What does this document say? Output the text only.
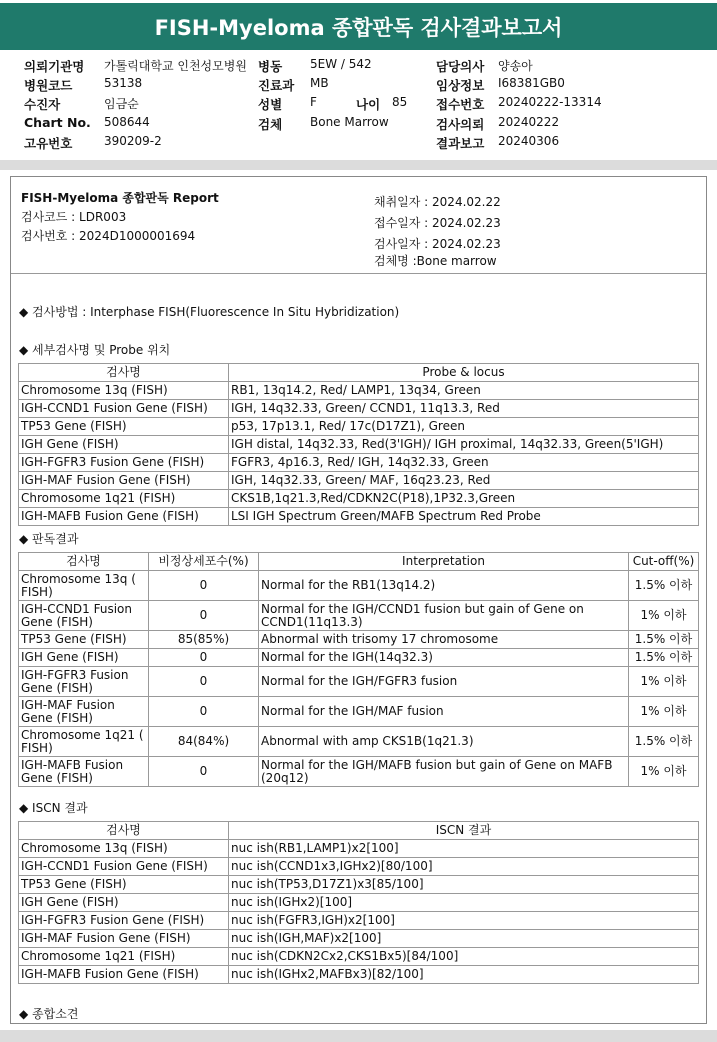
FISH-Myeloma 종합판독 검사결과보고서
의뢰기관명 가톨릭대학교 인천성모병원
병원코드	53138
수진자	임금순
Chart No. 508644
고유번호	390209-2
병동 5EW / 542
진료과 MB
성별 F	나이 85
검체 Bone Marrow
담당의사 양송아
임상정보 I68381GB0
접수번호 20240222-13314
검사의뢰 20240222
결과보고 20240306
FISH-Myeloma 종합판독 Report
검사코드 : LDR003
검사번호 : 2024D1000001694
채취일자 : 2024.02.22
접수일자 : 2024.02.23
검사일자 : 2024.02.23
검체명 :Bone marrow
◆ 검사방법 : Interphase FISH(Fluorescence In Situ Hybridization)
◆ 세부검사명 및 Probe 위치
검사명	Probe & locus
Chromosome 13q (FISH)	RB1, 13q14.2, Red/ LAMP1, 13q34, Green
IGH-CCND1 Fusion Gene (FISH)	IGH, 14q32.33, Green/ CCND1, 11q13.3, Red
TP53 Gene (FISH)	p53, 17p13.1, Red/ 17c(D17Z1), Green
IGH Gene (FISH)	IGH distal, 14q32.33, Red(3'IGH)/ IGH proximal, 14q32.33, Green(5'IGH)
IGH-FGFR3 Fusion Gene (FISH)	FGFR3, 4p16.3, Red/ IGH, 14q32.33, Green
IGH-MAF Fusion Gene (FISH)	IGH, 14q32.33, Green/ MAF, 16q23.23, Red
Chromosome 1q21 (FISH)	CKS1B,1q21.3,Red/CDKN2C(P18),1P32.3,Green
IGH-MAFB Fusion Gene (FISH)	LSI IGH Spectrum Green/MAFB Spectrum Red Probe
◆ 판독결과
검사명	비정상세포수(%)	Interpretation	Cut-off(%)
Chromosome 13q ( FISH)	0	Normal for the RB1(13q14.2)	1.5% 이하
IGH-CCND1 Fusion Gene (FISH)	0	Normal for the IGH/CCND1 fusion but gain of Gene on CCND1(11q13.3)	1% 이하
TP53 Gene (FISH)	85(85%)	Abnormal with trisomy 17 chromosome	1.5% 이하
IGH Gene (FISH)	0	Normal for the IGH(14q32.3)	1.5% 이하
IGH-FGFR3 Fusion Gene (FISH)	0	Normal for the IGH/FGFR3 fusion	1% 이하
IGH-MAF Fusion Gene (FISH)	0	Normal for the IGH/MAF fusion	1% 이하
Chromosome 1q21 ( FISH)	84(84%)	Abnormal with amp CKS1B(1q21.3)	1.5% 이하
IGH-MAFB Fusion Gene (FISH)	0	Normal for the IGH/MAFB fusion but gain of Gene on MAFB (20q12)	1% 이하
◆ ISCN 결과
검사명	ISCN 결과
Chromosome 13q (FISH)	nuc ish(RB1,LAMP1)x2[100]
IGH-CCND1 Fusion Gene (FISH)	nuc ish(CCND1x3,IGHx2)[80/100]
TP53 Gene (FISH)	nuc ish(TP53,D17Z1)x3[85/100]
IGH Gene (FISH)	nuc ish(IGHx2)[100]
IGH-FGFR3 Fusion Gene (FISH)	nuc ish(FGFR3,IGH)x2[100]
IGH-MAF Fusion Gene (FISH)	nuc ish(IGH,MAF)x2[100]
Chromosome 1q21 (FISH)	nuc ish(CDKN2Cx2,CKS1Bx5)[84/100]
IGH-MAFB Fusion Gene (FISH)	nuc ish(IGHx2,MAFBx3)[82/100]
◆ 종합소견
